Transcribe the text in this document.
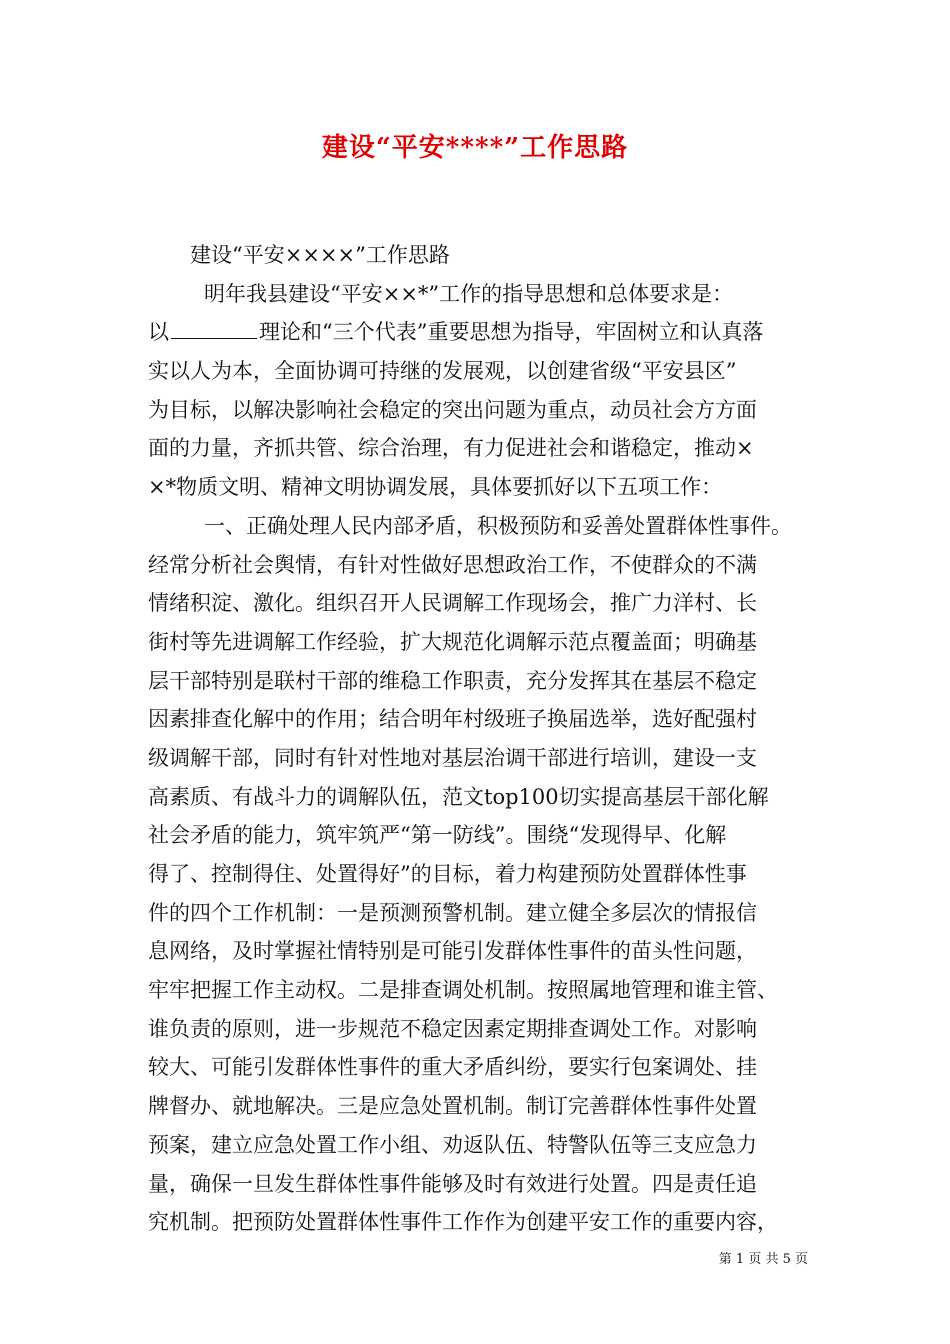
建设“平安****”工作思路
建设“平安××××”工作思路
明年我县建设“平安××*”工作的指导思想和总体要求是：
以	理论和“三个代表”重要思想为指导，牢固树立和认真落
实以人为本，全面协调可持继的发展观，以创建省级“平安县区”
为目标，以解决影响社会稳定的突出问题为重点，动员社会方方面
面的力量，齐抓共管、综合治理，有力促进社会和谐稳定，推动×
×*物质文明、精神文明协调发展，具体要抓好以下五项工作：
一、正确处理人民内部矛盾，积极预防和妥善处置群体性事件。
经常分析社会舆情，有针对性做好思想政治工作，不使群众的不满
情绪积淀、激化。组织召开人民调解工作现场会，推广力洋村、长
街村等先进调解工作经验，扩大规范化调解示范点覆盖面；明确基
层干部特别是联村干部的维稳工作职责，充分发挥其在基层不稳定
因素排查化解中的作用；结合明年村级班子换届选举，选好配强村
级调解干部，同时有针对性地对基层治调干部进行培训，建设一支
高素质、有战斗力的调解队伍，范文top100切实提高基层干部化解
社会矛盾的能力，筑牢筑严“第一防线”。围绕“发现得早、化解
得了、控制得住、处置得好”的目标，着力构建预防处置群体性事
件的四个工作机制：一是预测预警机制。建立健全多层次的情报信
息网络，及时掌握社情特别是可能引发群体性事件的苗头性问题，
牢牢把握工作主动权。二是排查调处机制。按照属地管理和谁主管、
谁负责的原则，进一步规范不稳定因素定期排查调处工作。对影响
较大、可能引发群体性事件的重大矛盾纠纷，要实行包案调处、挂
牌督办、就地解决。三是应急处置机制。制订完善群体性事件处置
预案，建立应急处置工作小组、劝返队伍、特警队伍等三支应急力
量，确保一旦发生群体性事件能够及时有效进行处置。四是责任追
究机制。把预防处置群体性事件工作作为创建平安工作的重要内容，
第 1 页 共 5 页
